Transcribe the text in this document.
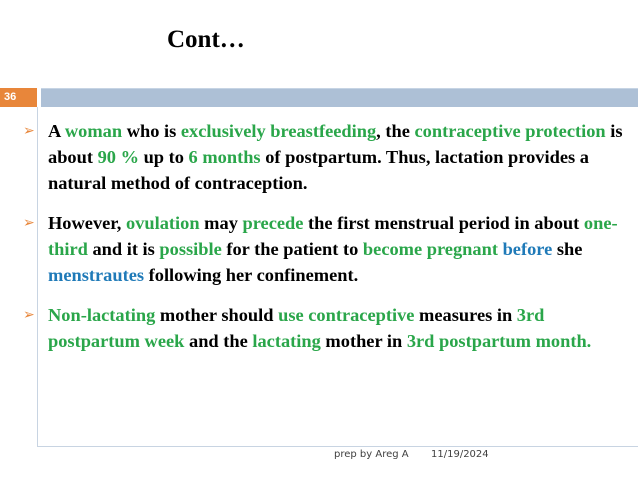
Cont…
36
➢ A woman who is exclusively breastfeeding, the contraceptive protection is about 90 % up to 6 months of postpartum. Thus, lactation provides a natural method of contraception.
➢ However, ovulation may precede the first menstrual period in about one-third and it is possible for the patient to become pregnant before she menstrautes following her confinement.
➢ Non-lactating mother should use contraceptive measures in 3rd postpartum week and the lactating mother in 3rd postpartum month.
prep by Areg A 11/19/2024
